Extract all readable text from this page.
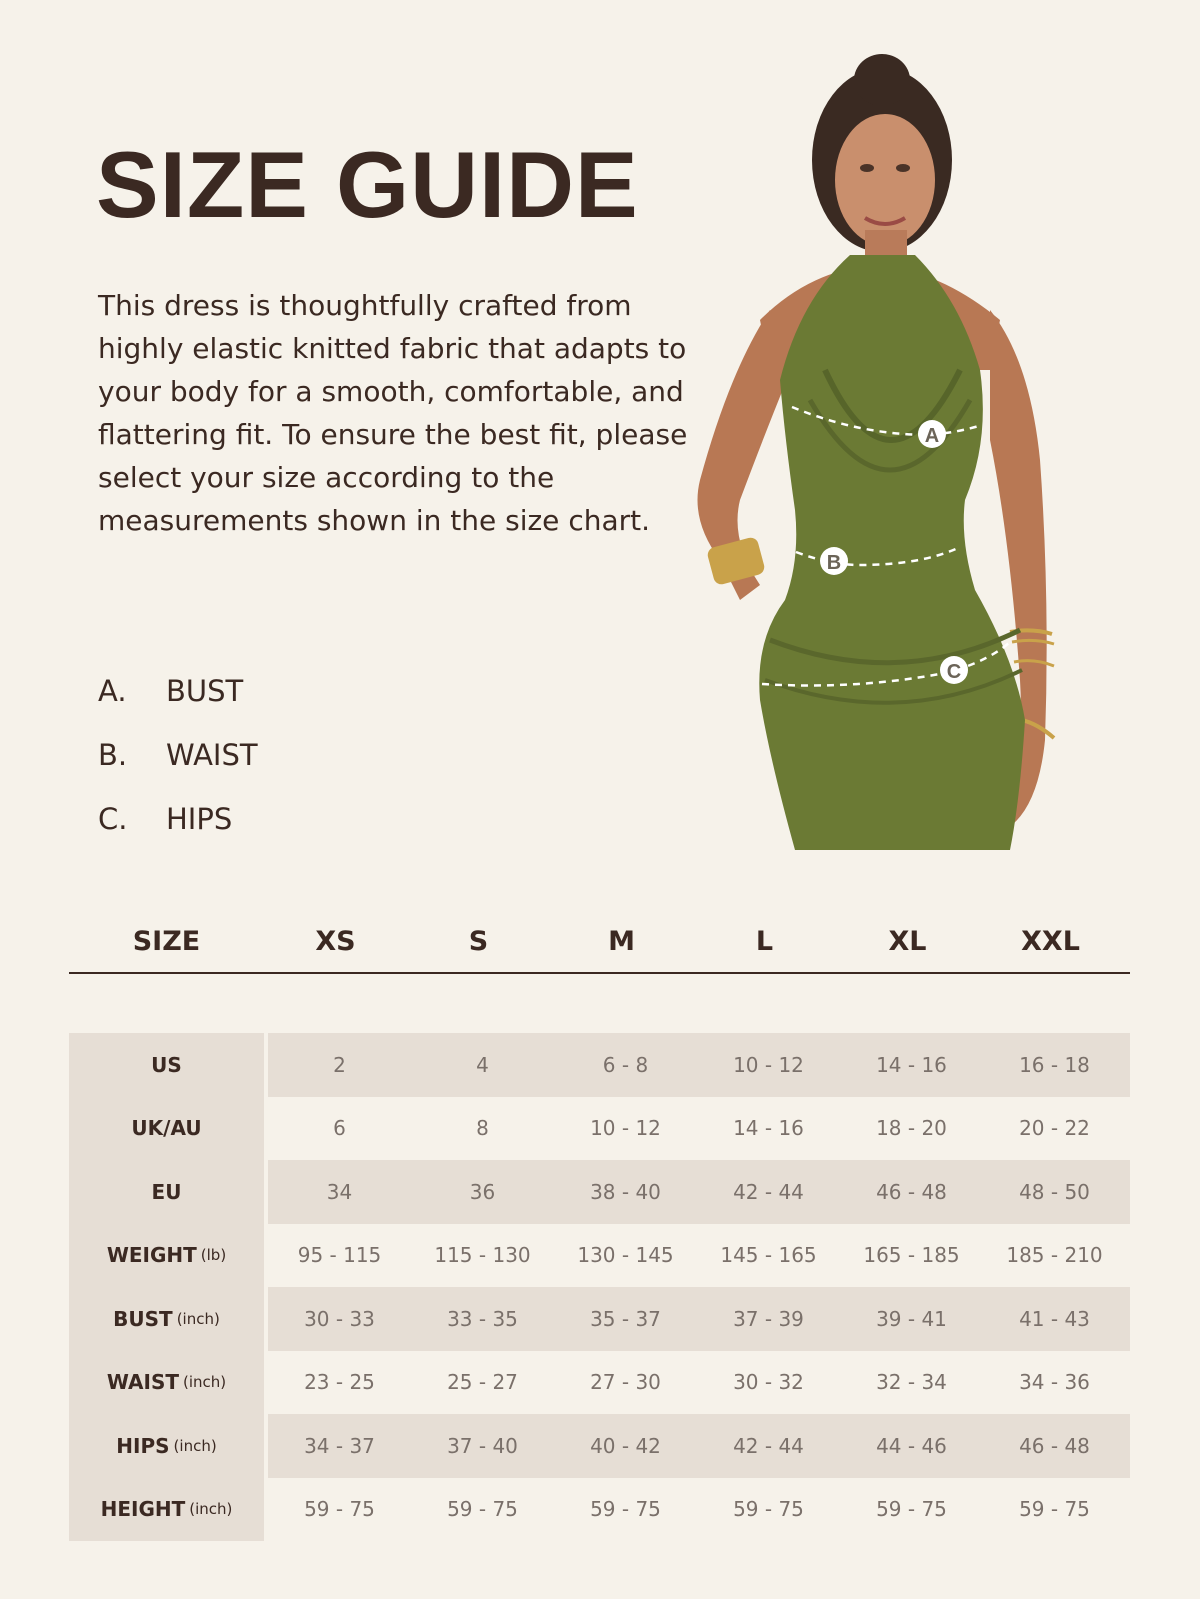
SIZE GUIDE

This dress is thoughtfully crafted from highly elastic knitted fabric that adapts to your body for a smooth, comfortable, and flattering fit. To ensure the best fit, please select your size according to the measurements shown in the size chart.

A.	BUST
B.	WAIST
C.	HIPS
A
B
C
SIZE	XS	S	M	L	XL	XXL
US	2	4	6 - 8	10 - 12	14 - 16	16 - 18
UK/AU	6	8	10 - 12	14 - 16	18 - 20	20 - 22
EU	34	36	38 - 40	42 - 44	46 - 48	48 - 50
WEIGHT (lb)	95 - 115	115 - 130	130 - 145	145 - 165	165 - 185	185 - 210
BUST (inch)	30 - 33	33 - 35	35 - 37	37 - 39	39 - 41	41 - 43
WAIST (inch)	23 - 25	25 - 27	27 - 30	30 - 32	32 - 34	34 - 36
HIPS (inch)	34 - 37	37 - 40	40 - 42	42 - 44	44 - 46	46 - 48
HEIGHT (inch)	59 - 75	59 - 75	59 - 75	59 - 75	59 - 75	59 - 75
